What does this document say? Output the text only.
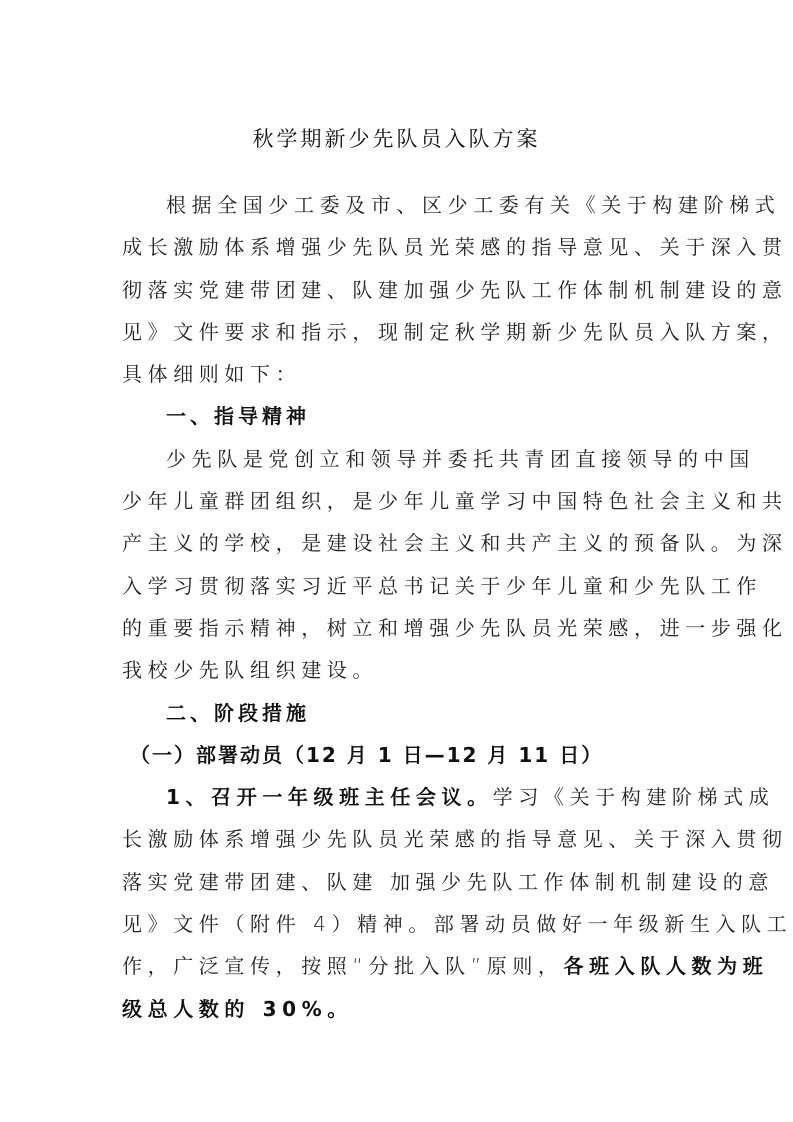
秋学期新少先队员入队方案
根据全国少工委及市、区少工委有关《关于构建阶梯式
成长激励体系增强少先队员光荣感的指导意见、关于深入贯
彻落实党建带团建、队建加强少先队工作体制机制建设的意
见》文件要求和指示，现制定秋学期新少先队员入队方案，
具体细则如下：
一、指导精神
少先队是党创立和领导并委托共青团直接领导的中国
少年儿童群团组织，是少年儿童学习中国特色社会主义和共
产主义的学校，是建设社会主义和共产主义的预备队。为深
入学习贯彻落实习近平总书记关于少年儿童和少先队工作
的重要指示精神，树立和增强少先队员光荣感，进一步强化
我校少先队组织建设。
二、阶段措施
（一）部署动员（12 月 1 日—12 月 11 日）
1、召开一年级班主任会议。学习《关于构建阶梯式成
长激励体系增强少先队员光荣感的指导意见、关于深入贯彻
落实党建带团建、队建 加强少先队工作体制机制建设的意
见》文件（附件 4）精神。部署动员做好一年级新生入队工
作，广泛宣传，按照“分批入队”原则，各班入队人数为班
级总人数的 30%。
